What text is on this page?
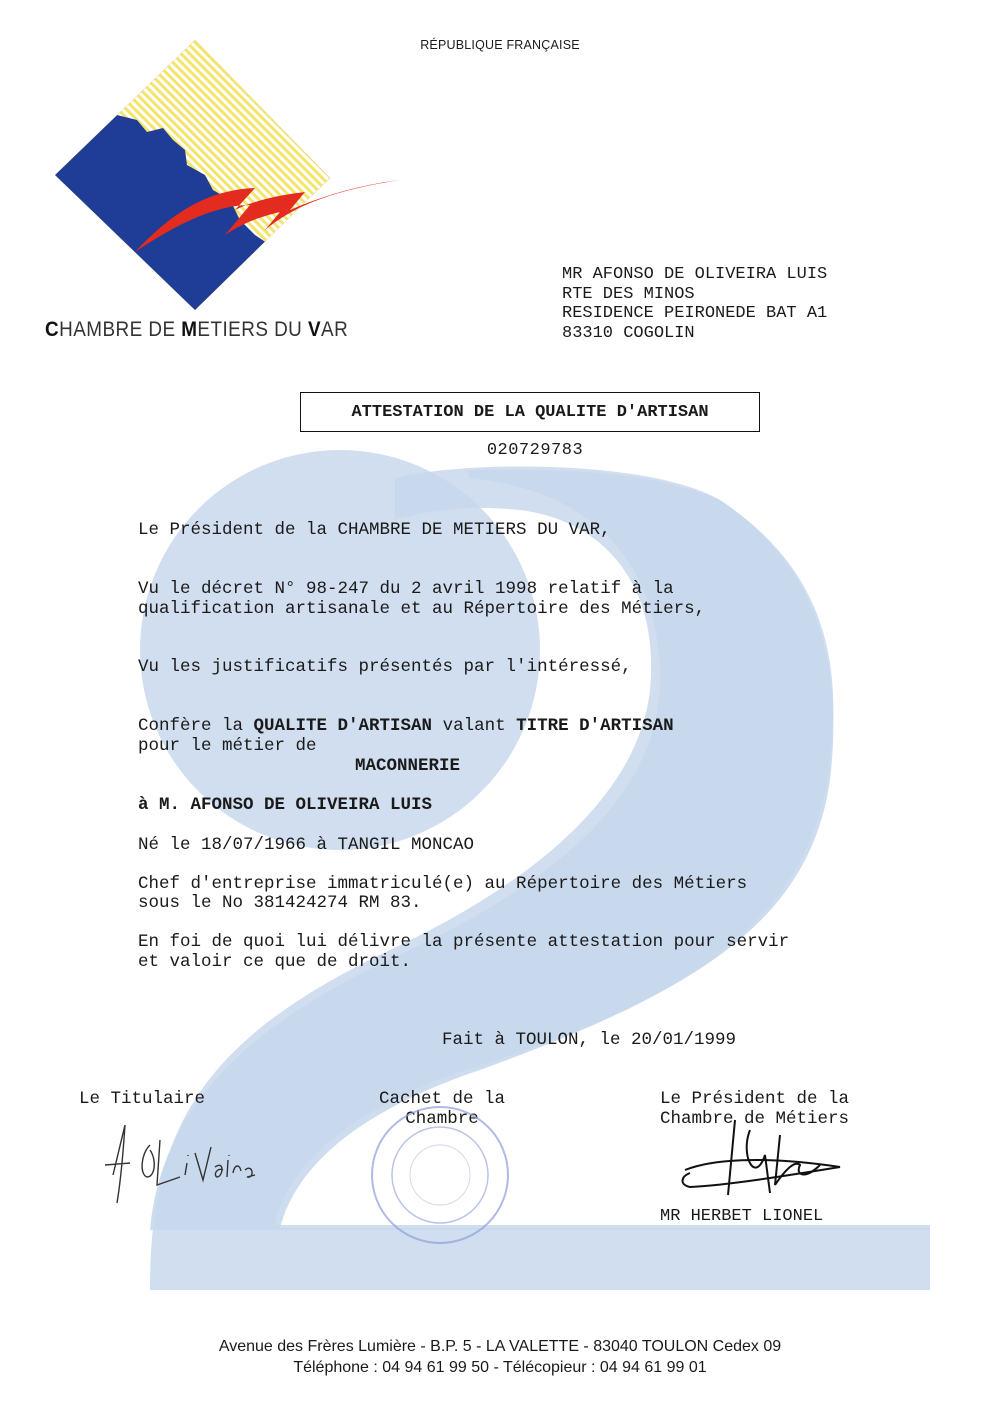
RÉPUBLIQUE FRANÇAISE
CHAMBRE DE METIERS DU VAR
MR AFONSO DE OLIVEIRA LUIS
RTE DES MINOS
RESIDENCE PEIRONEDE BAT A1
83310 COGOLIN
ATTESTATION DE LA QUALITE D'ARTISAN
020729783
Le Président de la CHAMBRE DE METIERS DU VAR,
Vu le décret N° 98-247 du 2 avril 1998 relatif à la
qualification artisanale et au Répertoire des Métiers,
Vu les justificatifs présentés par l'intéressé,
Confère la QUALITE D'ARTISAN valant TITRE D'ARTISAN
pour le métier de
MACONNERIE
à M. AFONSO DE OLIVEIRA LUIS
Né le 18/07/1966 à TANGIL MONCAO
Chef d'entreprise immatriculé(e) au Répertoire des Métiers
sous le No 381424274 RM 83.
En foi de quoi lui délivre la présente attestation pour servir
et valoir ce que de droit.
Fait à TOULON, le 20/01/1999
Le Titulaire	Cachet de la
Chambre
Le Président de la
Chambre de Métiers
MR HERBET LIONEL
Avenue des Frères Lumière - B.P. 5 - LA VALETTE - 83040 TOULON Cedex 09
Téléphone : 04 94 61 99 50 - Télécopieur : 04 94 61 99 01
